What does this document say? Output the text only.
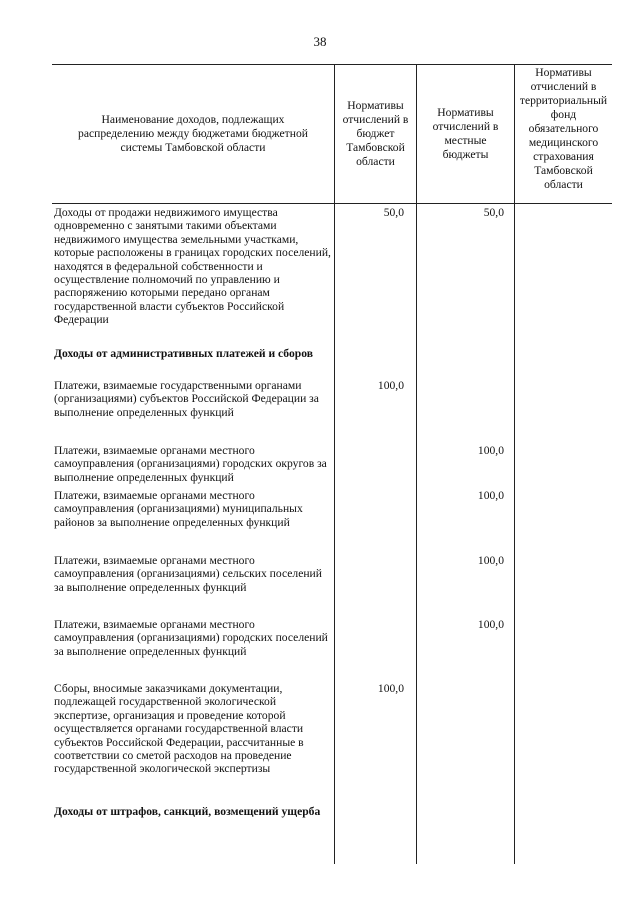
38
Наименование доходов, подлежащих распределению между бюджетами бюджетной системы Тамбовской области
Нормативы отчислений в бюджет Тамбовской области
Нормативы отчислений в местные бюджеты
Нормативы отчислений в территориальный фонд обязательного медицинского страхования Тамбовской области
Доходы от продажи недвижимого имущества одновременно с занятыми такими объектами недвижимого имущества земельными участками, которые расположены в границах городских поселений, находятся в федеральной собственности и осуществление полномочий по управлению и распоряжению которыми передано органам государственной власти субъектов Российской Федерации
50,0	50,0
Доходы от административных платежей и сборов
Платежи, взимаемые государственными органами (организациями) субъектов Российской Федерации за выполнение определенных функций
100,0
Платежи, взимаемые органами местного самоуправления (организациями) городских округов за выполнение определенных функций
100,0
Платежи, взимаемые органами местного самоуправления (организациями) муниципальных районов за выполнение определенных функций
100,0
Платежи, взимаемые органами местного самоуправления (организациями) сельских поселений за выполнение определенных функций
100,0
Платежи, взимаемые органами местного самоуправления (организациями) городских поселений за выполнение определенных функций
100,0
Сборы, вносимые заказчиками документации, подлежащей государственной экологической экспертизе, организация и проведение которой осуществляется органами государственной власти субъектов Российской Федерации, рассчитанные в соответствии со сметой расходов на проведение государственной экологической экспертизы
100,0
Доходы от штрафов, санкций, возмещений ущерба
